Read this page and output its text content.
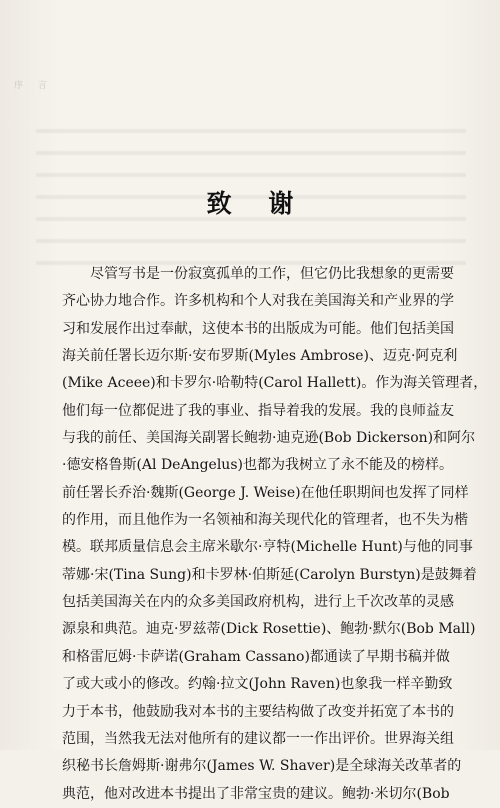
序 言
致 谢
尽管写书是一份寂寞孤单的工作，但它仍比我想象的更需要
齐心协力地合作。许多机构和个人对我在美国海关和产业界的学
习和发展作出过奉献，这使本书的出版成为可能。他们包括美国
海关前任署长迈尔斯·安布罗斯(Myles Ambrose)、迈克·阿克利
(Mike Aceee)和卡罗尔·哈勒特(Carol Hallett)。作为海关管理者，
他们每一位都促进了我的事业、指导着我的发展。我的良师益友
与我的前任、美国海关副署长鲍勃·迪克逊(Bob Dickerson)和阿尔
·德安格鲁斯(Al DeAngelus)也都为我树立了永不能及的榜样。
前任署长乔治·魏斯(George J. Weise)在他任职期间也发挥了同样
的作用，而且他作为一名领袖和海关现代化的管理者，也不失为楷
模。联邦质量信息会主席米歇尔·亨特(Michelle Hunt)与他的同事
蒂娜·宋(Tina Sung)和卡罗林·伯斯延(Carolyn Burstyn)是鼓舞着
包括美国海关在内的众多美国政府机构，进行上千次改革的灵感
源泉和典范。迪克·罗兹蒂(Dick Rosettie)、鲍勃·默尔(Bob Mall)
和格雷厄姆·卡萨诺(Graham Cassano)都通读了早期书稿并做
了或大或小的修改。约翰·拉文(John Raven)也象我一样辛勤致
力于本书，他鼓励我对本书的主要结构做了改变并拓宽了本书的
范围，当然我无法对他所有的建议都一一作出评价。世界海关组
织秘书长詹姆斯·谢弗尔(James W. Shaver)是全球海关改革者的
典范，他对改进本书提出了非常宝贵的建议。鲍勃·米切尔(Bob
